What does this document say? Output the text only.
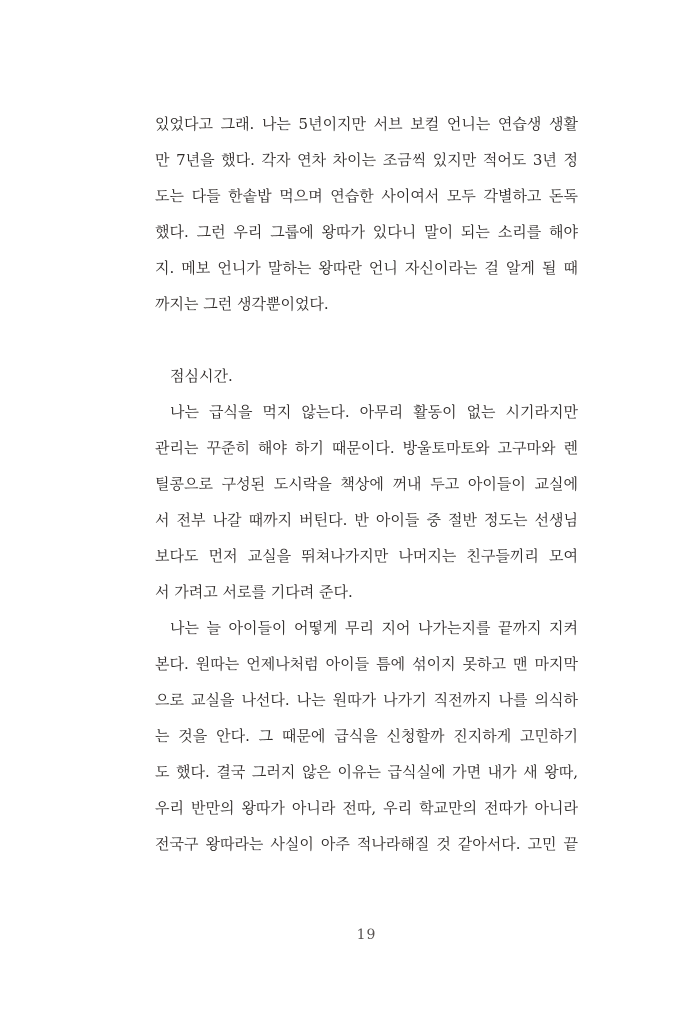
있었다고 그래. 나는 5년이지만 서브 보컬 언니는 연습생 생활
만 7년을 했다. 각자 연차 차이는 조금씩 있지만 적어도 3년 정
도는 다들 한솥밥 먹으며 연습한 사이여서 모두 각별하고 돈독
했다. 그런 우리 그룹에 왕따가 있다니 말이 되는 소리를 해야
지. 메보 언니가 말하는 왕따란 언니 자신이라는 걸 알게 될 때
까지는 그런 생각뿐이었다.
점심시간.
나는 급식을 먹지 않는다. 아무리 활동이 없는 시기라지만
관리는 꾸준히 해야 하기 때문이다. 방울토마토와 고구마와 렌
틸콩으로 구성된 도시락을 책상에 꺼내 두고 아이들이 교실에
서 전부 나갈 때까지 버틴다. 반 아이들 중 절반 정도는 선생님
보다도 먼저 교실을 뛰쳐나가지만 나머지는 친구들끼리 모여
서 가려고 서로를 기다려 준다.
나는 늘 아이들이 어떻게 무리 지어 나가는지를 끝까지 지켜
본다. 원따는 언제나처럼 아이들 틈에 섞이지 못하고 맨 마지막
으로 교실을 나선다. 나는 원따가 나가기 직전까지 나를 의식하
는 것을 안다. 그 때문에 급식을 신청할까 진지하게 고민하기
도 했다. 결국 그러지 않은 이유는 급식실에 가면 내가 새 왕따,
우리 반만의 왕따가 아니라 전따, 우리 학교만의 전따가 아니라
전국구 왕따라는 사실이 아주 적나라해질 것 같아서다. 고민 끝
19
